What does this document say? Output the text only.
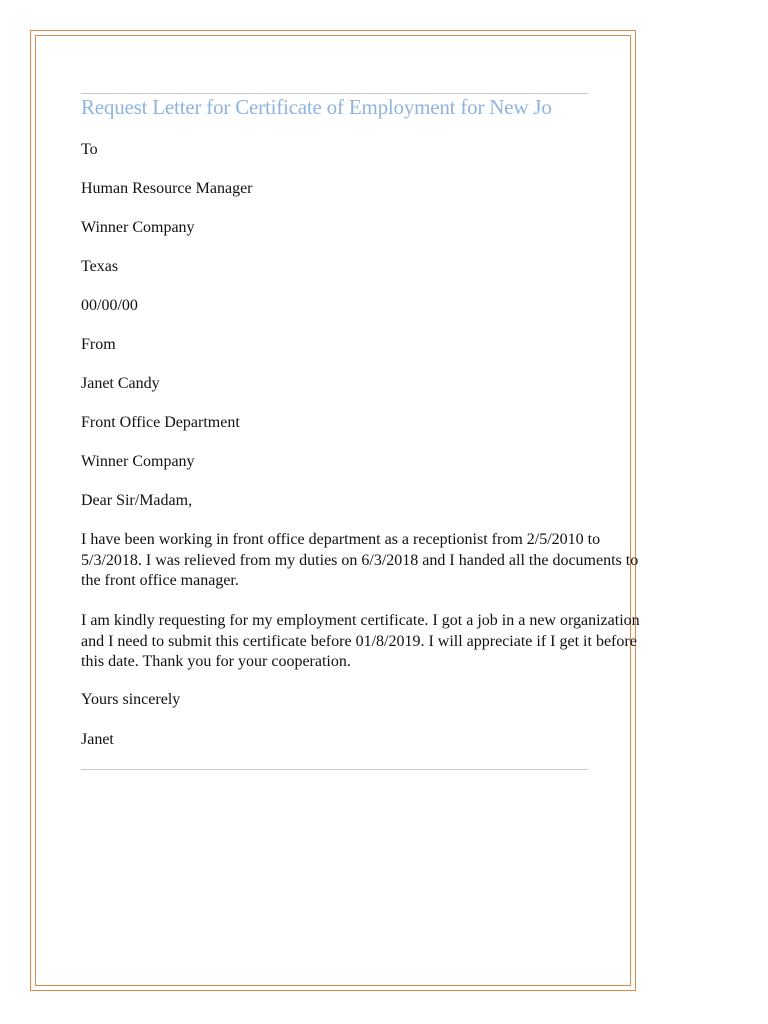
Request Letter for Certificate of Employment for New Jo
To
Human Resource Manager
Winner Company
Texas
00/00/00
From
Janet Candy
Front Office Department
Winner Company
Dear Sir/Madam,
I have been working in front office department as a receptionist from 2/5/2010 to 5/3/2018. I was relieved from my duties on 6/3/2018 and I handed all the documents to the front office manager.
I am kindly requesting for my employment certificate. I got a job in a new organization and I need to submit this certificate before 01/8/2019. I will appreciate if I get it before this date. Thank you for your cooperation.
Yours sincerely
Janet
